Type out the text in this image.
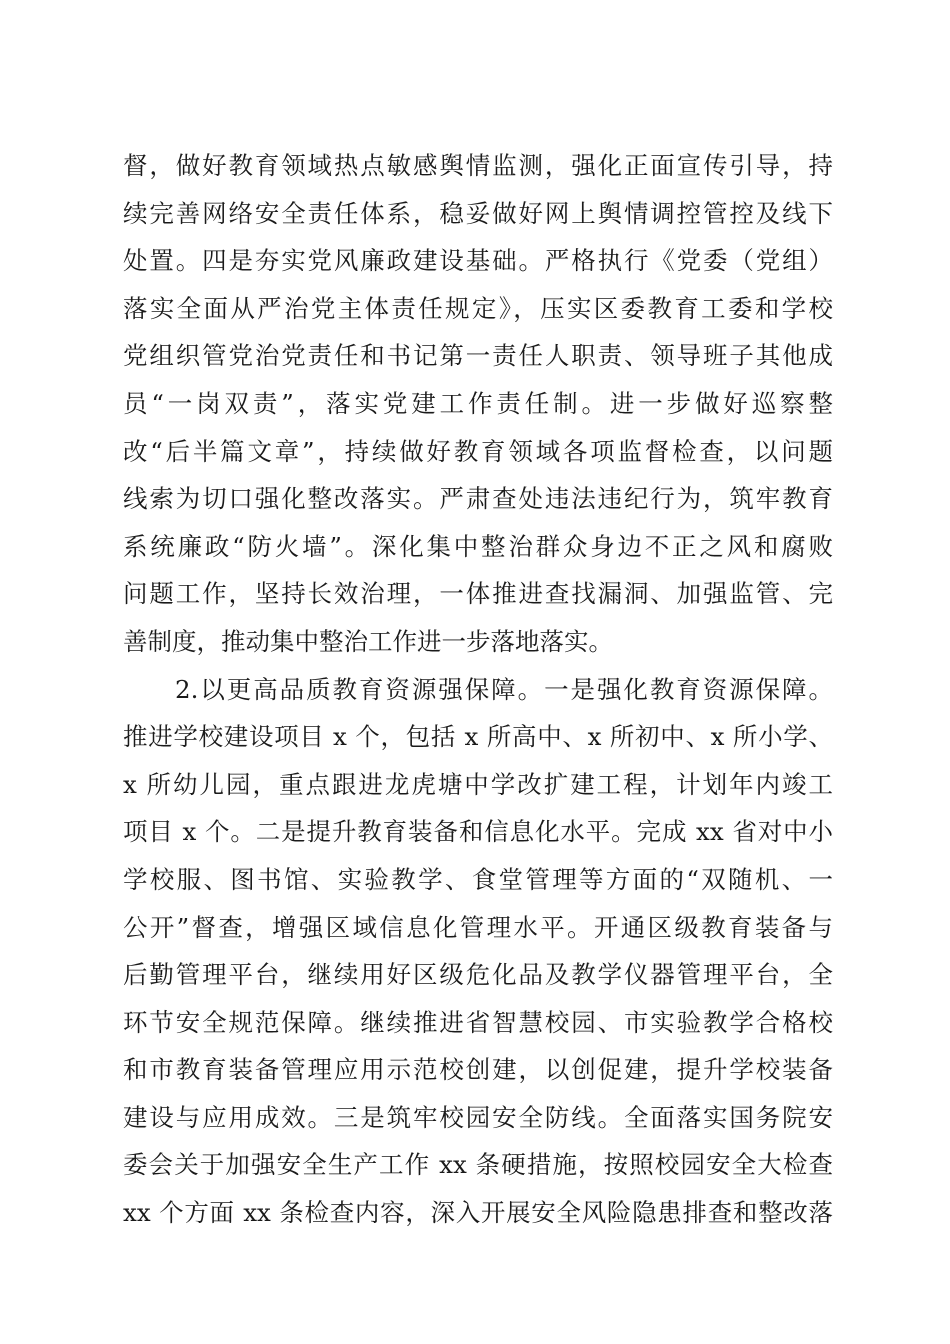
督，做好教育领域热点敏感舆情监测，强化正面宣传引导，持
续完善网络安全责任体系，稳妥做好网上舆情调控管控及线下
处置。四是夯实党风廉政建设基础。严格执行《党委（党组）
落实全面从严治党主体责任规定》，压实区委教育工委和学校
党组织管党治党责任和书记第一责任人职责、领导班子其他成
员“一岗双责”，落实党建工作责任制。进一步做好巡察整
改“后半篇文章”，持续做好教育领域各项监督检查，以问题
线索为切口强化整改落实。严肃查处违法违纪行为，筑牢教育
系统廉政“防火墙”。深化集中整治群众身边不正之风和腐败
问题工作，坚持长效治理，一体推进查找漏洞、加强监管、完
善制度，推动集中整治工作进一步落地落实。
2.以更高品质教育资源强保障。一是强化教育资源保障。
推进学校建设项目 x 个，包括 x 所高中、x 所初中、x 所小学、
x 所幼儿园，重点跟进龙虎塘中学改扩建工程，计划年内竣工
项目 x 个。二是提升教育装备和信息化水平。完成 xx 省对中小
学校服、图书馆、实验教学、食堂管理等方面的“双随机、一
公开”督查，增强区域信息化管理水平。开通区级教育装备与
后勤管理平台，继续用好区级危化品及教学仪器管理平台，全
环节安全规范保障。继续推进省智慧校园、市实验教学合格校
和市教育装备管理应用示范校创建，以创促建，提升学校装备
建设与应用成效。三是筑牢校园安全防线。全面落实国务院安
委会关于加强安全生产工作 xx 条硬措施，按照校园安全大检查
xx 个方面 xx 条检查内容，深入开展安全风险隐患排查和整改落
